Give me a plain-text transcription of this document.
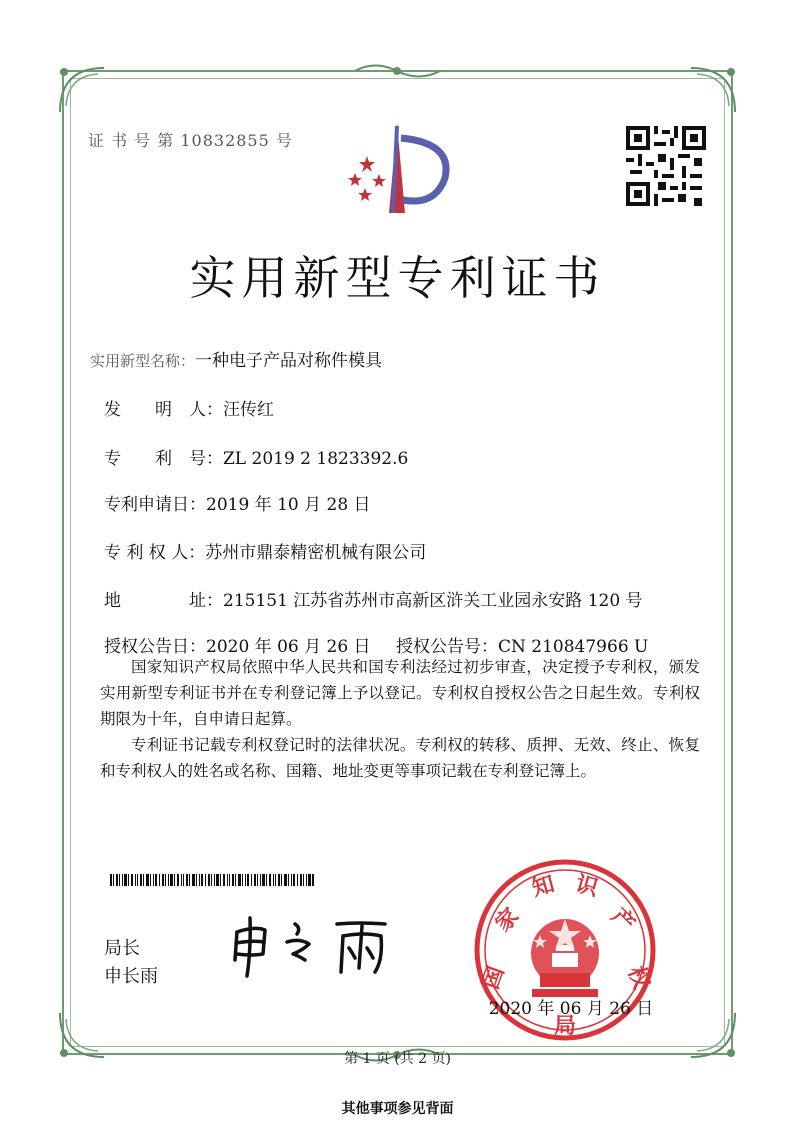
证 书 号 第 10832855 号
实用新型专利证书
实用新型名称：一种电子产品对称件模具
发　　明　人：汪传红
专　　利　号：ZL 2019 2 1823392.6
专利申请日：2019 年 10 月 28 日
专 利 权 人：苏州市鼎泰精密机械有限公司
地　　　　址：215151 江苏省苏州市高新区浒关工业园永安路 120 号
授权公告日：2020 年 06 月 26 日 授权公告号：CN 210847966 U

国家知识产权局依照中华人民共和国专利法经过初步审查，决定授予专利权，颁发实用新型专利证书并在专利登记簿上予以登记。专利权自授权公告之日起生效。专利权期限为十年，自申请日起算。

专利证书记载专利权登记时的法律状况。专利权的转移、质押、无效、终止、恢复和专利权人的姓名或名称、国籍、地址变更等事项记载在专利登记簿上。

局长
申长雨	国
家
知 识
产
权
局
2020 年 06 月 26 日
第 1 页 (共 2 页)
其他事项参见背面
